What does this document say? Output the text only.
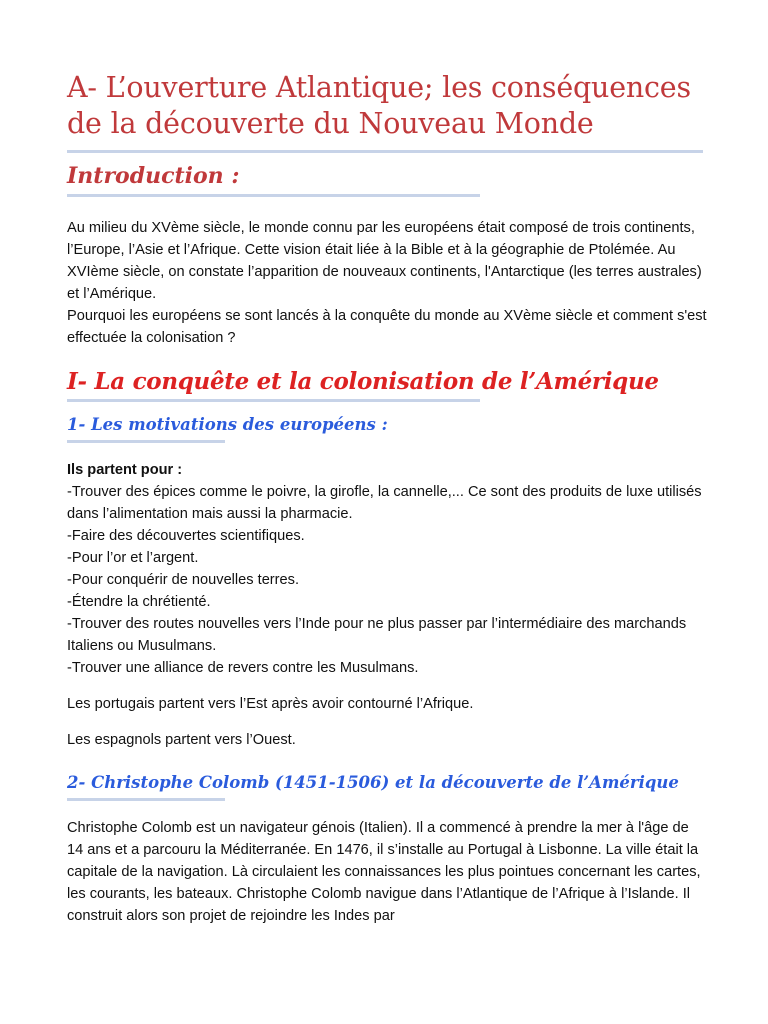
A- L’ouverture Atlantique; les conséquences de la découverte du Nouveau Monde
Introduction :

Au milieu du XVème siècle, le monde connu par les européens était composé de trois continents, l’Europe, l’Asie et l’Afrique. Cette vision était liée à la Bible et à la géographie de Ptolémée. Au XVIème siècle, on constate l’apparition de nouveaux continents, l'Antarctique (les terres australes) et l’Amérique.

Pourquoi les européens se sont lancés à la conquête du monde au XVème siècle et comment s'est effectuée la colonisation ?

I- La conquête et la colonisation de l’Amérique
1- Les motivations des européens :

Ils partent pour :

-Trouver des épices comme le poivre, la girofle, la cannelle,... Ce sont des produits de luxe utilisés dans l’alimentation mais aussi la pharmacie.

-Faire des découvertes scientifiques.

-Pour l’or et l’argent.

-Pour conquérir de nouvelles terres.

-Étendre la chrétienté.

-Trouver des routes nouvelles vers l’Inde pour ne plus passer par l’intermédiaire des marchands Italiens ou Musulmans.

-Trouver une alliance de revers contre les Musulmans.

Les portugais partent vers l’Est après avoir contourné l’Afrique.

Les espagnols partent vers l’Ouest.

2- Christophe Colomb (1451-1506) et la découverte de l’Amérique

Christophe Colomb est un navigateur génois (Italien). Il a commencé à prendre la mer à l'âge de 14 ans et a parcouru la Méditerranée. En 1476, il s’installe au Portugal à Lisbonne. La ville était la capitale de la navigation. Là circulaient les connaissances les plus pointues concernant les cartes, les courants, les bateaux. Christophe Colomb navigue dans l’Atlantique de l’Afrique à l’Islande. Il construit alors son projet de rejoindre les Indes par
